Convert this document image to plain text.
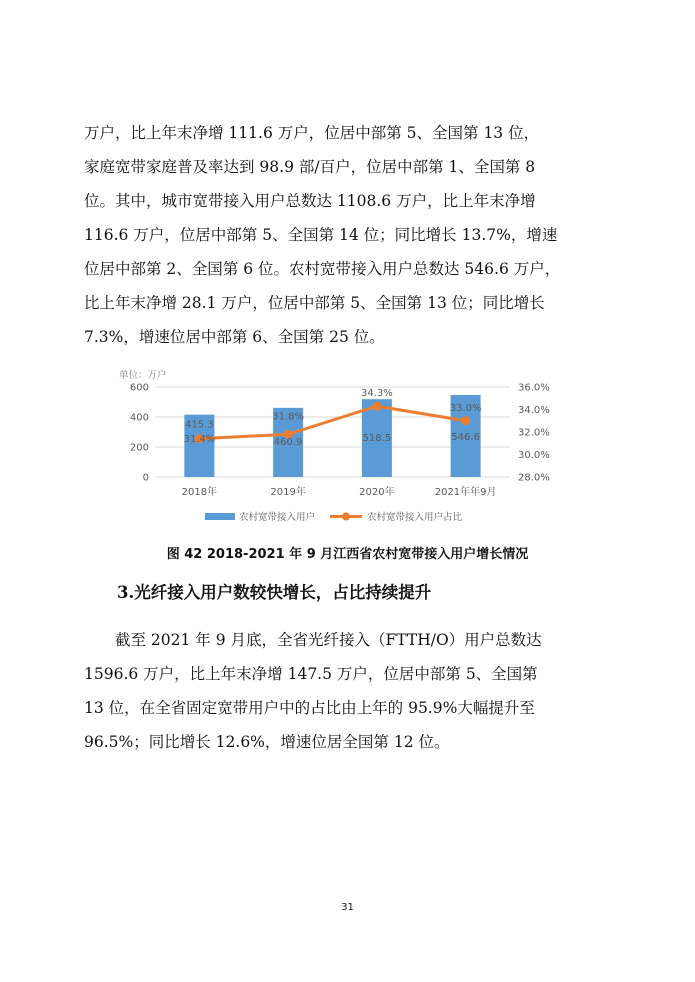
万户，比上年末净增 111.6 万户，位居中部第 5、全国第 13 位，

家庭宽带家庭普及率达到 98.9 部/百户，位居中部第 1、全国第 8

位。其中，城市宽带接入用户总数达 1108.6 万户，比上年末净增

116.6 万户，位居中部第 5、全国第 14 位；同比增长 13.7%，增速

位居中部第 2、全国第 6 位。农村宽带接入用户总数达 546.6 万户，

比上年末净增 28.1 万户，位居中部第 5、全国第 13 位；同比增长

7.3%，增速位居中部第 6、全国第 25 位。

单位：万户
0
200
400
600
28.0%
30.0%
32.0%
34.0%
36.0%
2018年	2019年	2020年	2021年年9月
415.3
460.9	518.5	546.6
31.4%
31.8%
34.3%
33.0%
农村宽带接入用户	农村宽带接入用户占比
图 42 2018-2021 年 9 月江西省农村宽带接入用户增长情况
3.光纤接入用户数较快增长，占比持续提升

　　截至 2021 年 9 月底，全省光纤接入（FTTH/O）用户总数达

1596.6 万户，比上年末净增 147.5 万户，位居中部第 5、全国第

13 位，在全省固定宽带用户中的占比由上年的 95.9%大幅提升至

96.5%；同比增长 12.6%，增速位居全国第 12 位。

31
